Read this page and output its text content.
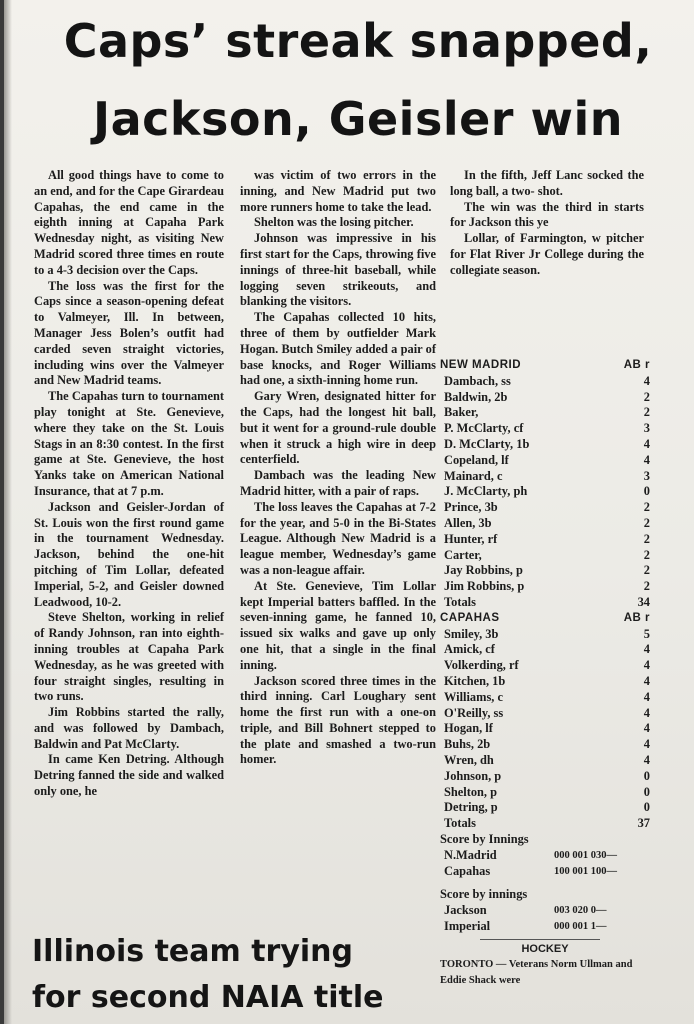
Caps’ streak snapped,
Jackson, Geisler win

All good things have to come to an end, and for the Cape Girardeau Capahas, the end came in the eighth inning at Capaha Park Wednesday night, as visiting New Madrid scored three times en route to a 4-3 decision over the Caps.

The loss was the first for the Caps since a season-opening defeat to Valmeyer, Ill. In between, Manager Jess Bolen’s outfit had carded seven straight victories, including wins over the Valmeyer and New Madrid teams.

The Capahas turn to tournament play tonight at Ste. Genevieve, where they take on the St. Louis Stags in an 8:30 contest. In the first game at Ste. Genevieve, the host Yanks take on American National Insurance, that at 7 p.m.

Jackson and Geisler-Jordan of St. Louis won the first round game in the tournament Wednesday. Jackson, behind the one-hit pitching of Tim Lollar, defeated Imperial, 5-2, and Geisler downed Leadwood, 10-2.

Steve Shelton, working in relief of Randy Johnson, ran into eighth-inning troubles at Capaha Park Wednesday, as he was greeted with four straight singles, resulting in two runs.

Jim Robbins started the rally, and was followed by Dambach, Baldwin and Pat McClarty.

In came Ken Detring. Although Detring fanned the side and walked only one, he

was victim of two errors in the inning, and New Madrid put two more runners home to take the lead.

Shelton was the losing pitcher.

Johnson was impressive in his first start for the Caps, throwing five innings of three-hit baseball, while logging seven strikeouts, and blanking the visitors.

The Capahas collected 10 hits, three of them by outfielder Mark Hogan. Butch Smiley added a pair of base knocks, and Roger Williams had one, a sixth-inning home run.

Gary Wren, designated hitter for the Caps, had the longest hit ball, but it went for a ground-rule double when it struck a high wire in deep centerfield.

Dambach was the leading New Madrid hitter, with a pair of raps.

The loss leaves the Capahas at 7-2 for the year, and 5-0 in the Bi-States League. Although New Madrid is a league member, Wednesday’s game was a non-league affair.

At Ste. Genevieve, Tim Lollar kept Imperial batters baffled. In the seven-inning game, he fanned 10, issued six walks and gave up only one hit, that a single in the final inning.

Jackson scored three times in the third inning. Carl Loughary sent home the first run with a one-on triple, and Bill Bohnert stepped to the plate and smashed a two-run homer.

In the fifth, Jeff Lanc socked the long ball, a two- shot.

The win was the third in starts for Jackson this ye

Lollar, of Farmington, w pitcher for Flat River Jr College during the collegiate season.

NEW MADRID	AB r
Dambach, ss	4
Baldwin, 2b	2
Baker,	2
P. McClarty, cf	3
D. McClarty, 1b	4
Copeland, lf	4
Mainard, c	3
J. McClarty, ph	0
Prince, 3b	2
Allen, 3b	2
Hunter, rf	2
Carter,	2
Jay Robbins, p	2
Jim Robbins, p	2
Totals	34
CAPAHAS	AB r
Smiley, 3b	5
Amick, cf	4
Volkerding, rf	4
Kitchen, 1b	4
Williams, c	4
O'Reilly, ss	4
Hogan, lf	4
Buhs, 2b	4
Wren, dh	4
Johnson, p	0
Shelton, p	0
Detring, p	0
Totals	37
Score by Innings
N.Madrid	000 001 030—
Capahas	100 001 100—
Score by innings
Jackson	003 020 0—
Imperial	000 001 1—
HOCKEY
TORONTO — Veterans Norm Ullman and Eddie Shack were
Illinois team trying
for second NAIA title
